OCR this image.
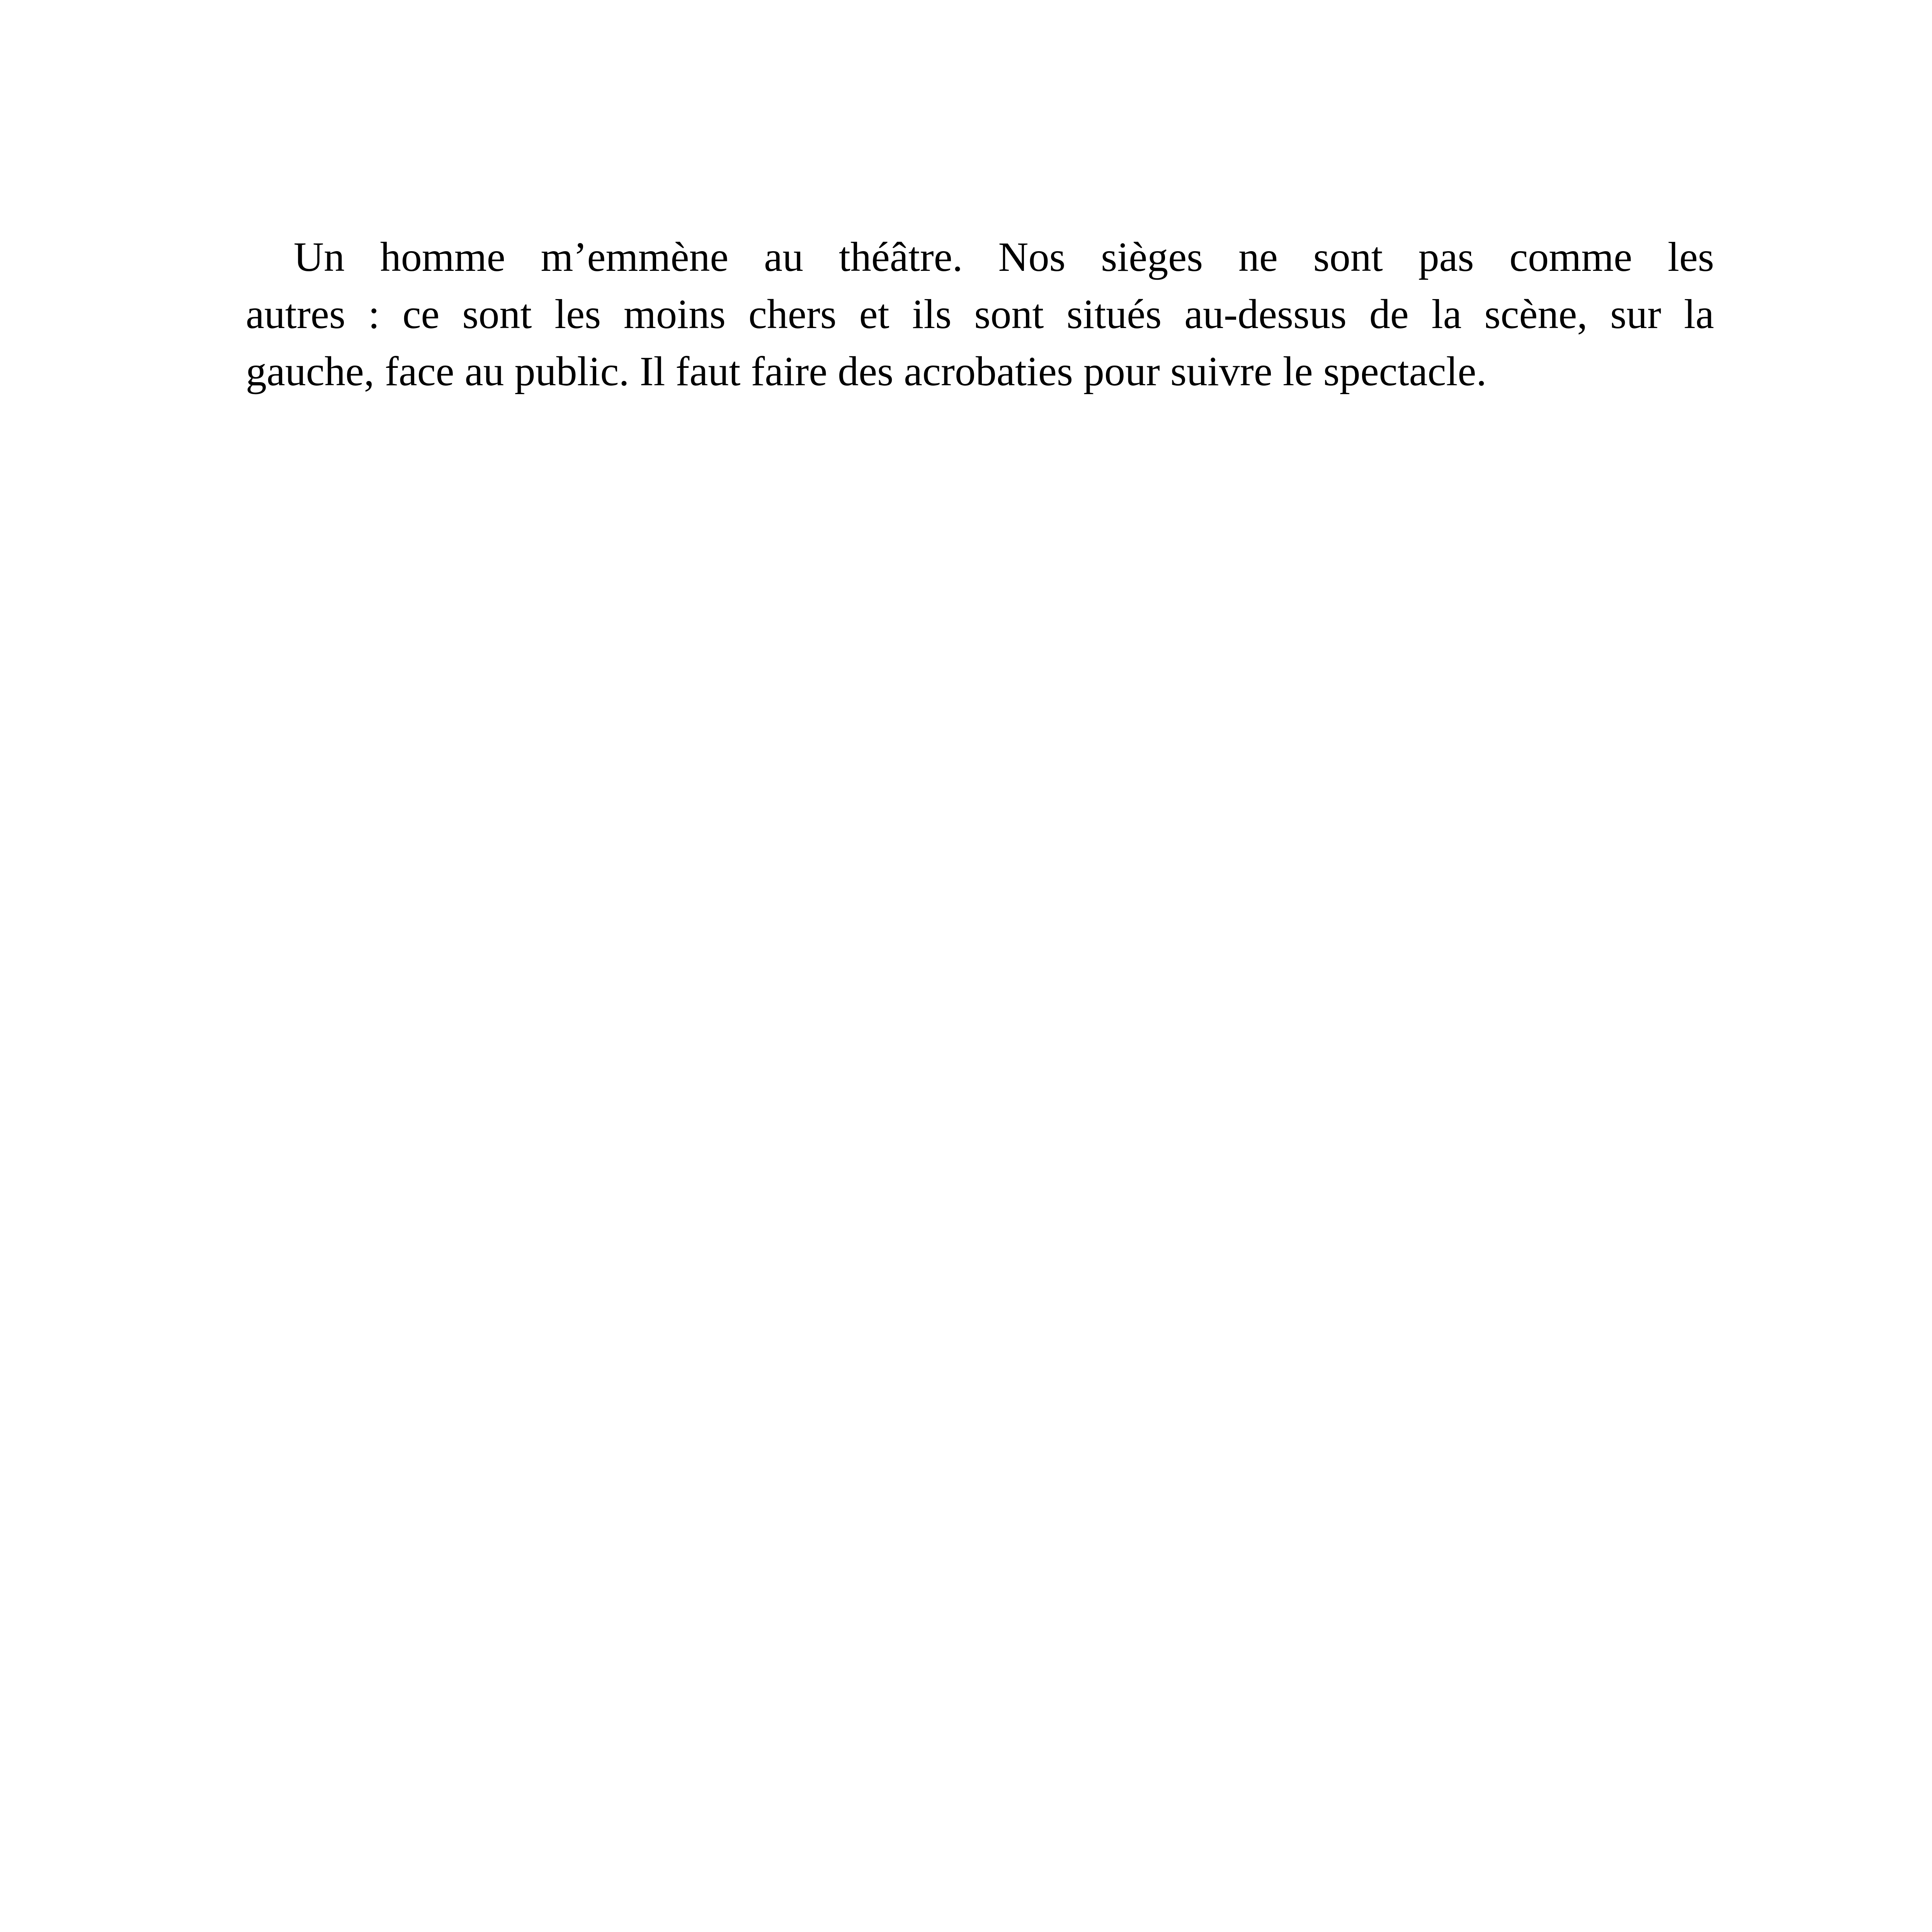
Un homme m’emmène au théâtre. Nos sièges ne sont pas comme les
autres : ce sont les moins chers et ils sont situés au-dessus de la scène, sur la
gauche, face au public. Il faut faire des acrobaties pour suivre le spectacle.
